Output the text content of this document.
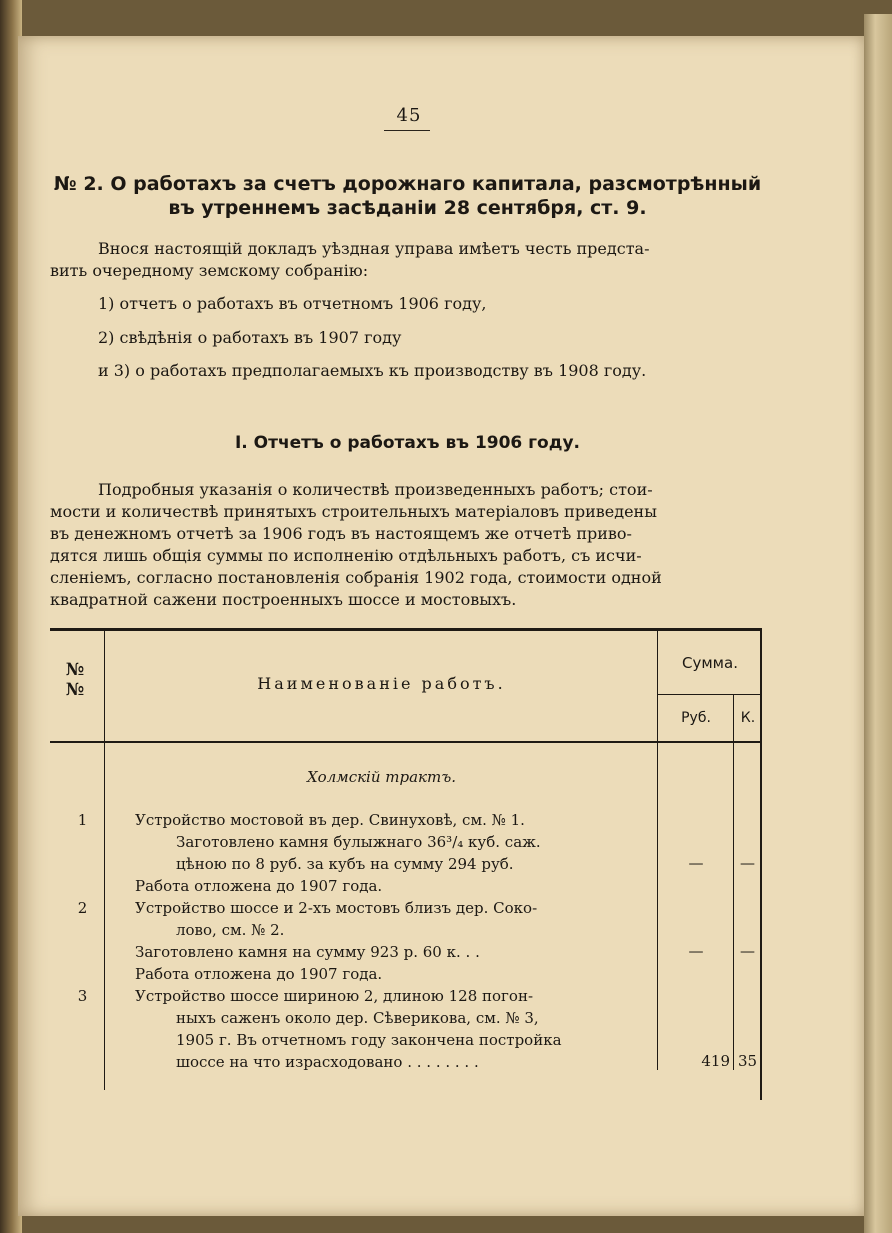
45
№ 2. О работахъ за счетъ дорожнаго капитала, разсмотрѣнный
въ утреннемъ засѣданіи 28 сентября, ст. 9.
Внося настоящій докладъ уѣздная управа имѣетъ честь предста-
вить очередному земскому собранію:
1) отчетъ о работахъ въ отчетномъ 1906 году,
2) свѣдѣнія о работахъ въ 1907 году
и 3) о работахъ предполагаемыхъ къ производству въ 1908 году.
I. Отчетъ о работахъ въ 1906 году.
Подробныя указанія о количествѣ произведенныхъ работъ; стои-
мости и количествѣ принятыхъ строительныхъ матеріаловъ приведены
въ денежномъ отчетѣ за 1906 годъ въ настоящемъ же отчетѣ приво-
дятся лишь общія суммы по исполненію отдѣльныхъ работъ, съ исчи-
сленіемъ, согласно постановленія собранія 1902 года, стоимости одной
квадратной сажени построенныхъ шоссе и мостовыхъ.
№№	Наименованіе работъ.
Сумма.
Руб.	К.
Холмскій трактъ.
1	Устройство мостовой въ дер. Свинуховѣ, см. № 1.
Заготовлено камня булыжнаго 36³/₄ куб. саж.
цѣною по 8 руб. за кубъ на сумму 294 руб.
Работа отложена до 1907 года.
—	—
2	Устройство шоссе и 2-хъ мостовъ близъ дер. Соко-
лово, см. № 2.
Заготовлено камня на сумму 923 р. 60 к. . .
Работа отложена до 1907 года.
—	—
3	Устройство шоссе шириною 2, длиною 128 погон-
ныхъ саженъ около дер. Сѣверикова, см. № 3,
1905 г. Въ отчетномъ году закончена постройка
шоссе на что израсходовано . . . . . . . .	419 35
